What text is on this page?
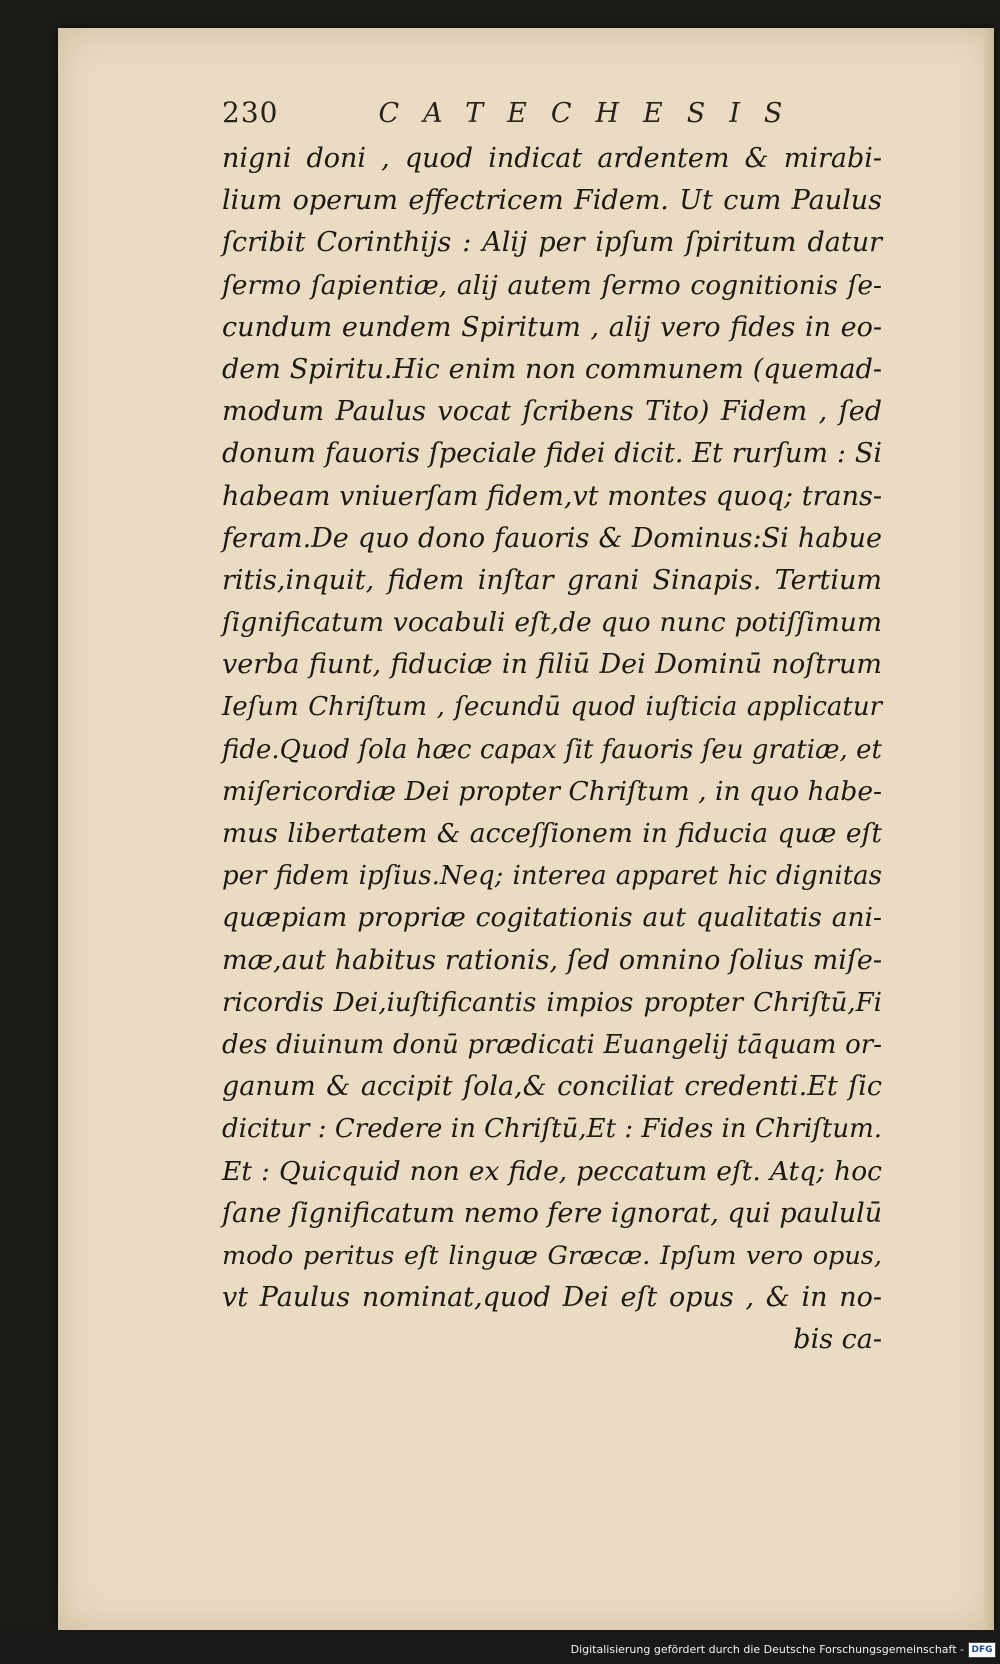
230	CATECHESIS
nigni doni , quod indicat ardentem & mirabi-
lium operum effectricem Fidem. Ut cum Paulus
ſcribit Corinthijs : Alij per ipſum ſpiritum datur
ſermo ſapientiæ, alij autem ſermo cognitionis ſe-
cundum eundem Spiritum , alij vero fides in eo-
dem Spiritu.Hic enim non communem (quemad-
modum Paulus vocat ſcribens Tito) Fidem , ſed
donum fauoris ſpeciale fidei dicit. Et rurſum : Si
habeam vniuerſam fidem,vt montes quoq; trans-
feram.De quo dono fauoris & Dominus:Si habue
ritis,inquit, fidem inſtar grani Sinapis. Tertium
ſignificatum vocabuli eſt,de quo nunc potiſſimum
verba fiunt, fiduciæ in filiū Dei Dominū noſtrum
Ieſum Chriſtum , ſecundū quod iuſticia applicatur
fide.Quod ſola hæc capax ſit fauoris ſeu gratiæ, et
miſericordiæ Dei propter Chriſtum , in quo habe-
mus libertatem & acceſſionem in fiducia quæ eſt
per fidem ipſius.Neq; interea apparet hic dignitas
quæpiam propriæ cogitationis aut qualitatis ani-
mæ,aut habitus rationis, ſed omnino ſolius miſe-
ricordis Dei,iuſtificantis impios propter Chriſtū,Fi
des diuinum donū prædicati Euangelij tāquam or-
ganum & accipit ſola,& conciliat credenti.Et ſic
dicitur : Credere in Chriſtū,Et : Fides in Chriſtum.
Et : Quicquid non ex fide, peccatum eſt. Atq; hoc
ſane ſignificatum nemo fere ignorat, qui paululū
modo peritus eſt linguæ Græcæ. Ipſum vero opus,
vt Paulus nominat,quod Dei eſt opus , & in no-
bis ca-
Digitalisierung gefördert durch die Deutsche Forschungsgemeinschaft - DFG
